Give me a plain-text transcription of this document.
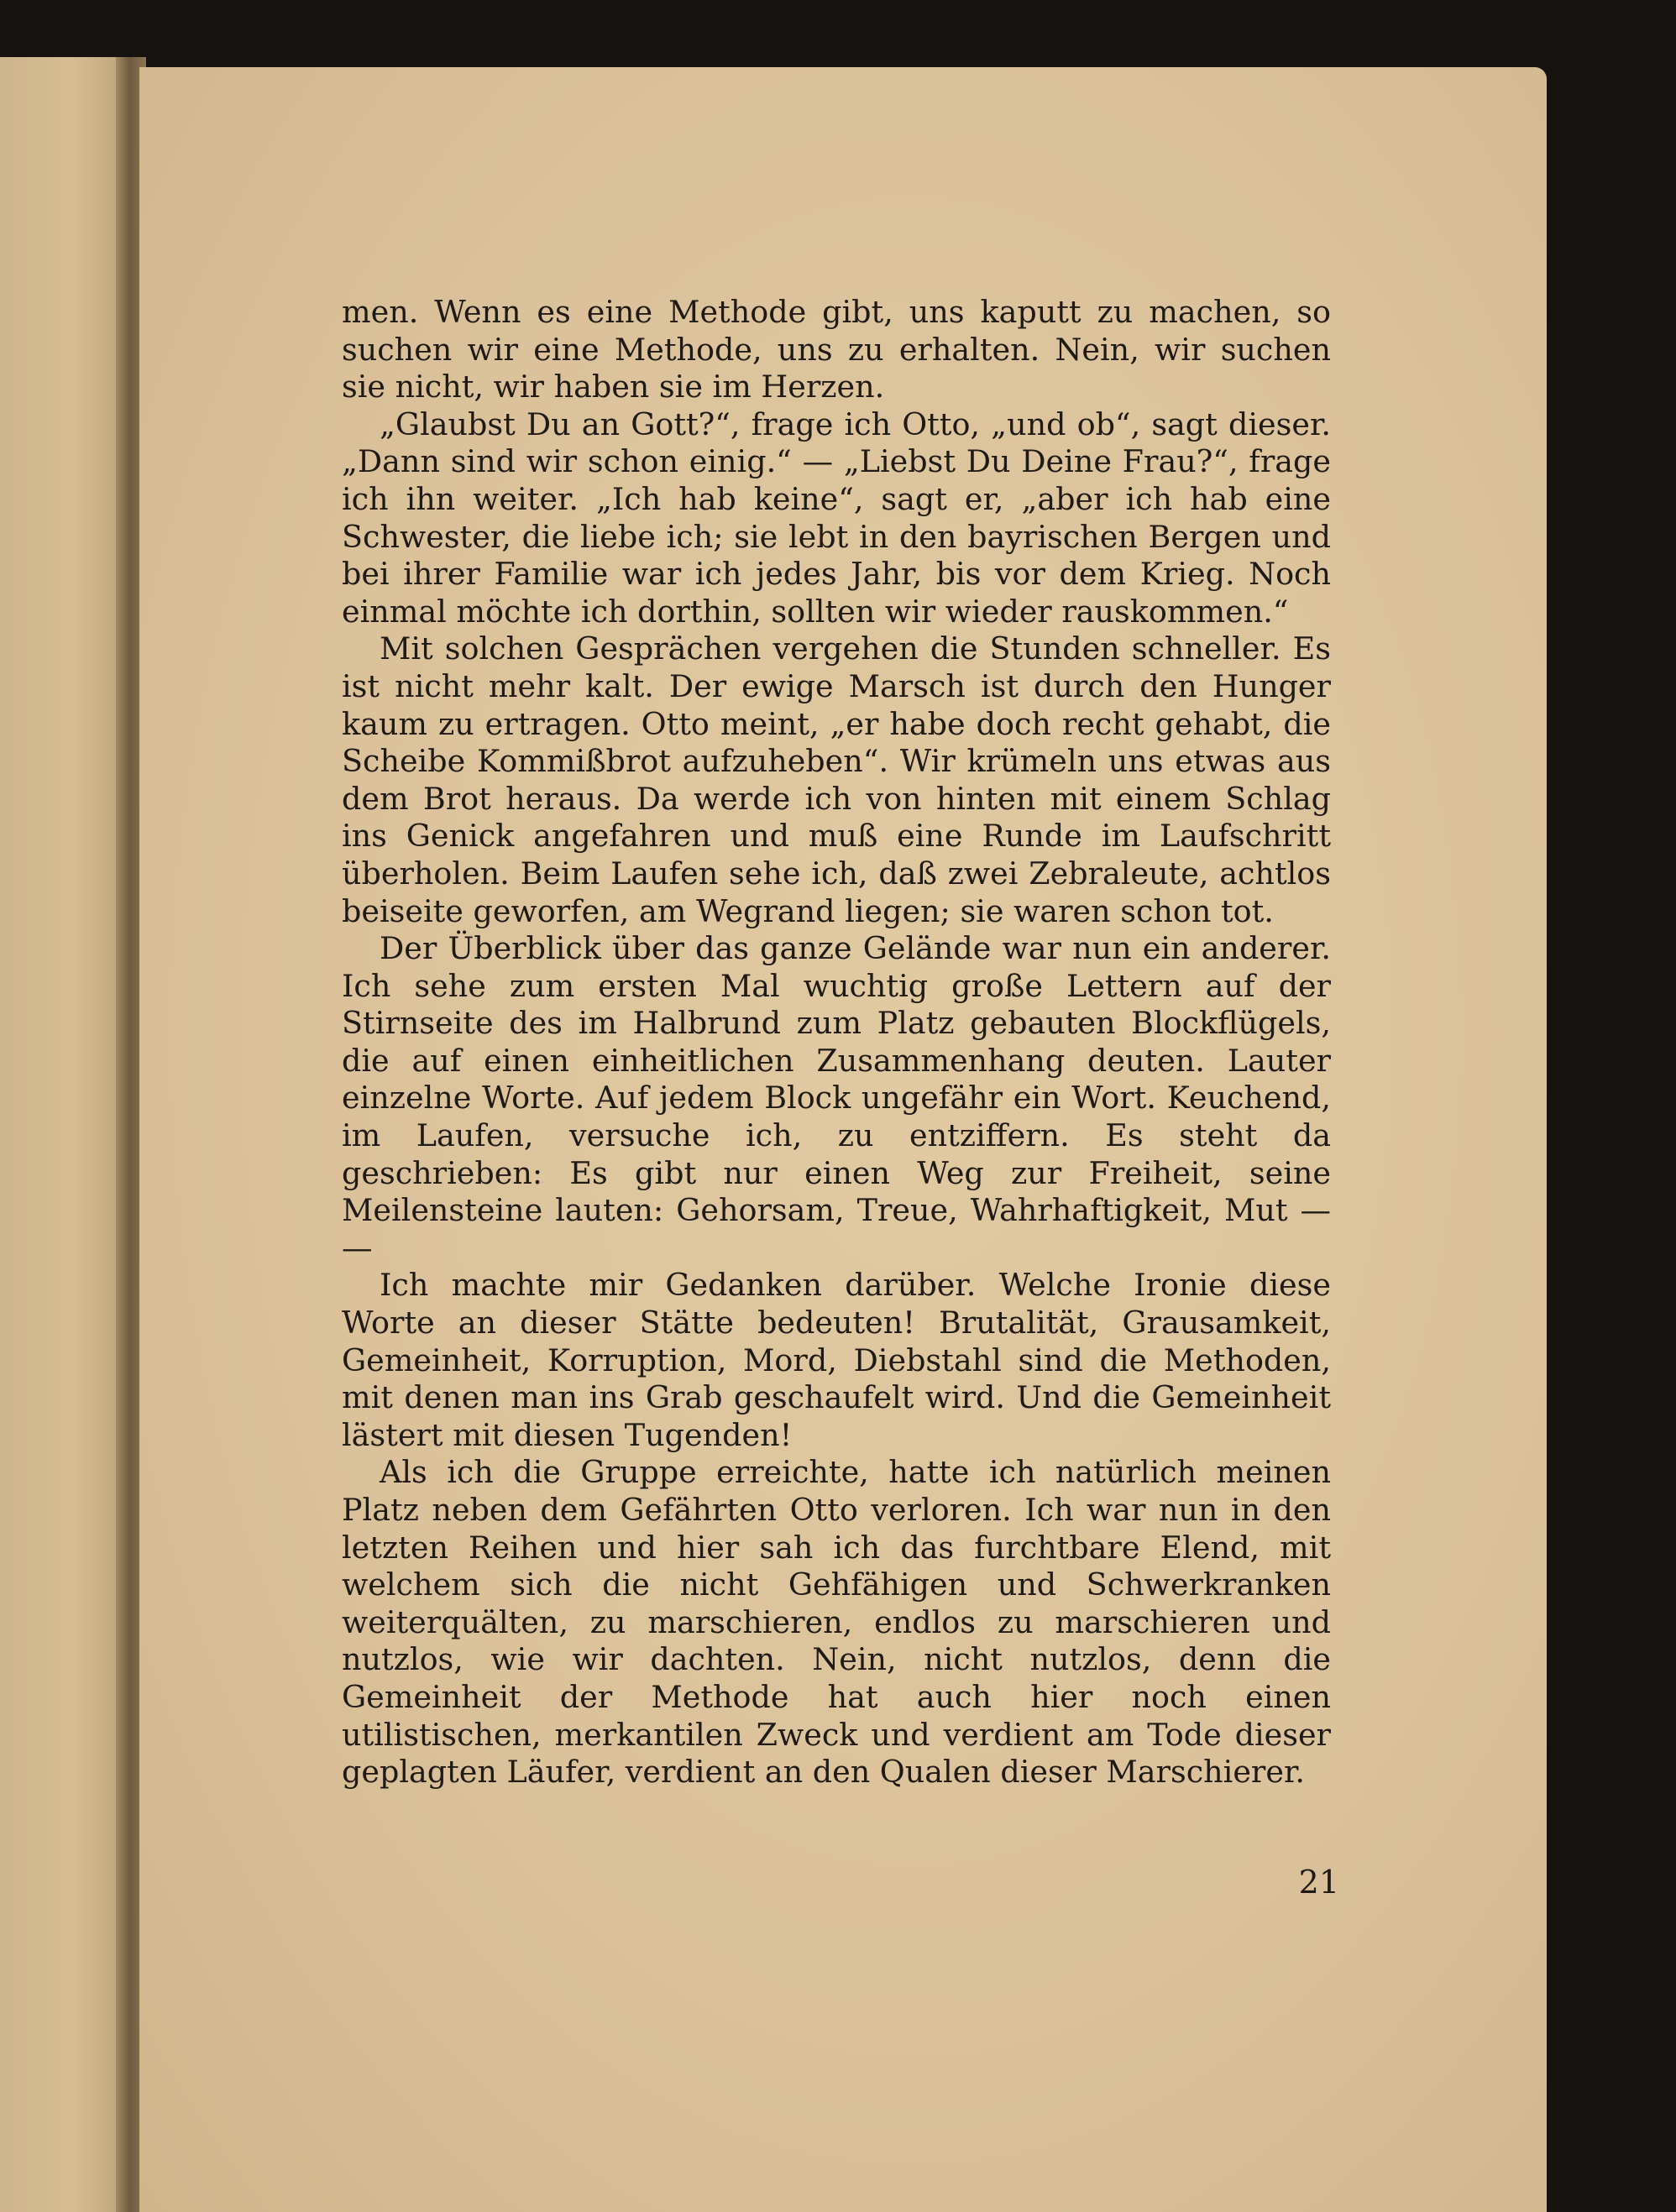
men. Wenn es eine Methode gibt, uns kaputt zu machen, so suchen wir eine Methode, uns zu erhalten. Nein, wir suchen sie nicht, wir haben sie im Herzen.

„Glaubst Du an Gott?“, frage ich Otto, „und ob“, sagt dieser. „Dann sind wir schon einig.“ — „Liebst Du Deine Frau?“, frage ich ihn weiter. „Ich hab keine“, sagt er, „aber ich hab eine Schwester, die liebe ich; sie lebt in den bayrischen Bergen und bei ihrer Familie war ich jedes Jahr, bis vor dem Krieg. Noch einmal möchte ich dorthin, sollten wir wieder rauskommen.“

Mit solchen Gesprächen vergehen die Stunden schneller. Es ist nicht mehr kalt. Der ewige Marsch ist durch den Hunger kaum zu ertragen. Otto meint, „er habe doch recht gehabt, die Scheibe Kommißbrot aufzuheben“. Wir krümeln uns etwas aus dem Brot heraus. Da werde ich von hinten mit einem Schlag ins Genick angefahren und muß eine Runde im Laufschritt überholen. Beim Laufen sehe ich, daß zwei Zebraleute, achtlos beiseite geworfen, am Wegrand liegen; sie waren schon tot.

Der Überblick über das ganze Gelände war nun ein anderer. Ich sehe zum ersten Mal wuchtig große Lettern auf der Stirnseite des im Halbrund zum Platz gebauten Blockflügels, die auf einen einheitlichen Zusammenhang deuten. Lauter einzelne Worte. Auf jedem Block ungefähr ein Wort. Keuchend, im Laufen, versuche ich, zu entziffern. Es steht da geschrieben: Es gibt nur einen Weg zur Freiheit, seine Meilensteine lauten: Gehorsam, Treue, Wahrhaftigkeit, Mut — —

Ich machte mir Gedanken darüber. Welche Ironie diese Worte an dieser Stätte bedeuten! Brutalität, Grausamkeit, Gemeinheit, Korruption, Mord, Diebstahl sind die Methoden, mit denen man ins Grab geschaufelt wird. Und die Gemeinheit lästert mit diesen Tugenden!

Als ich die Gruppe erreichte, hatte ich natürlich meinen Platz neben dem Gefährten Otto verloren. Ich war nun in den letzten Reihen und hier sah ich das furchtbare Elend, mit welchem sich die nicht Gehfähigen und Schwerkranken weiterquälten, zu marschieren, endlos zu marschieren und nutzlos, wie wir dachten. Nein, nicht nutzlos, denn die Gemeinheit der Methode hat auch hier noch einen utilistischen, merkantilen Zweck und verdient am Tode dieser geplagten Läufer, verdient an den Qualen dieser Marschierer.

21
